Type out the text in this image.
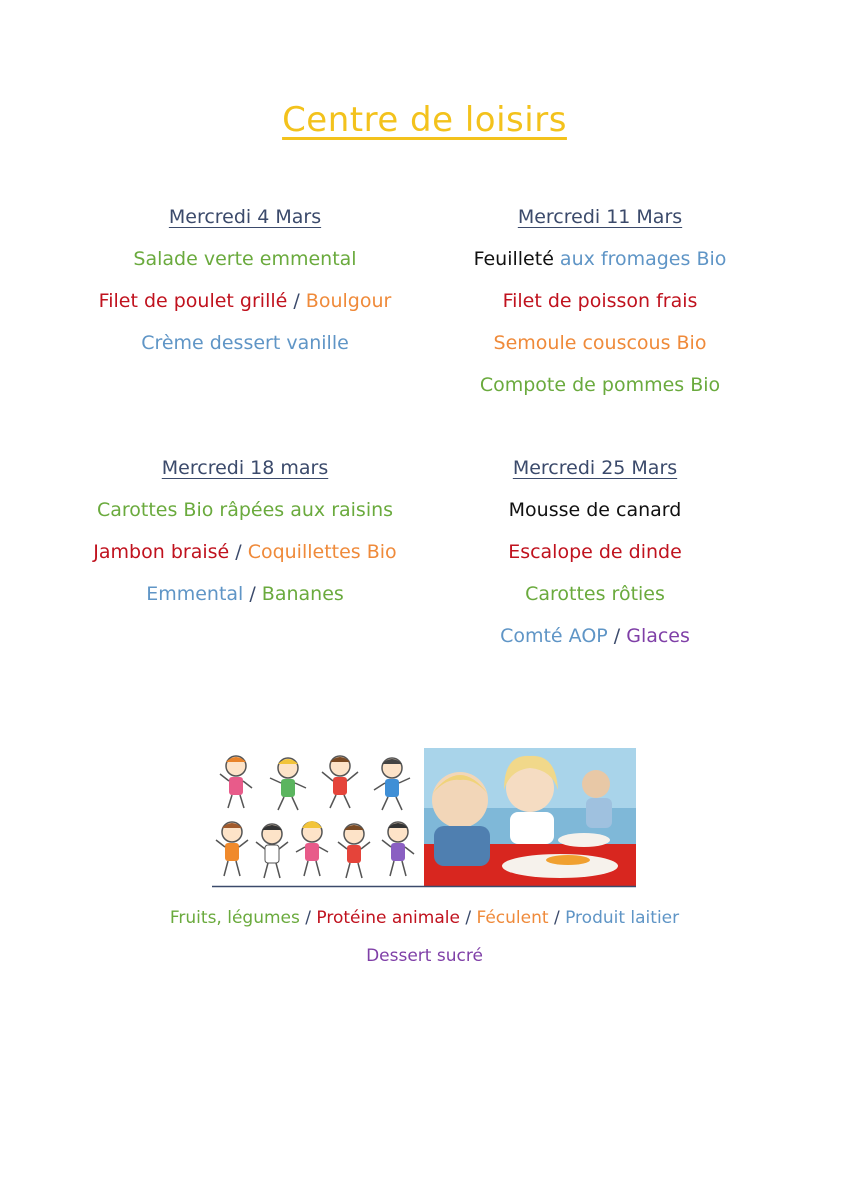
Centre de loisirs
Mercredi 4 Mars
Salade verte emmental
Filet de poulet grillé / Boulgour
Crème dessert vanille
Mercredi 11 Mars
Feuilleté aux fromages Bio
Filet de poisson frais
Semoule couscous Bio
Compote de pommes Bio
Mercredi 18 mars
Carottes Bio râpées aux raisins
Jambon braisé / Coquillettes Bio
Emmental / Bananes
Mercredi 25 Mars
Mousse de canard
Escalope de dinde
Carottes rôties
Comté AOP / Glaces
Fruits, légumes / Protéine animale / Féculent / Produit laitier
Dessert sucré
